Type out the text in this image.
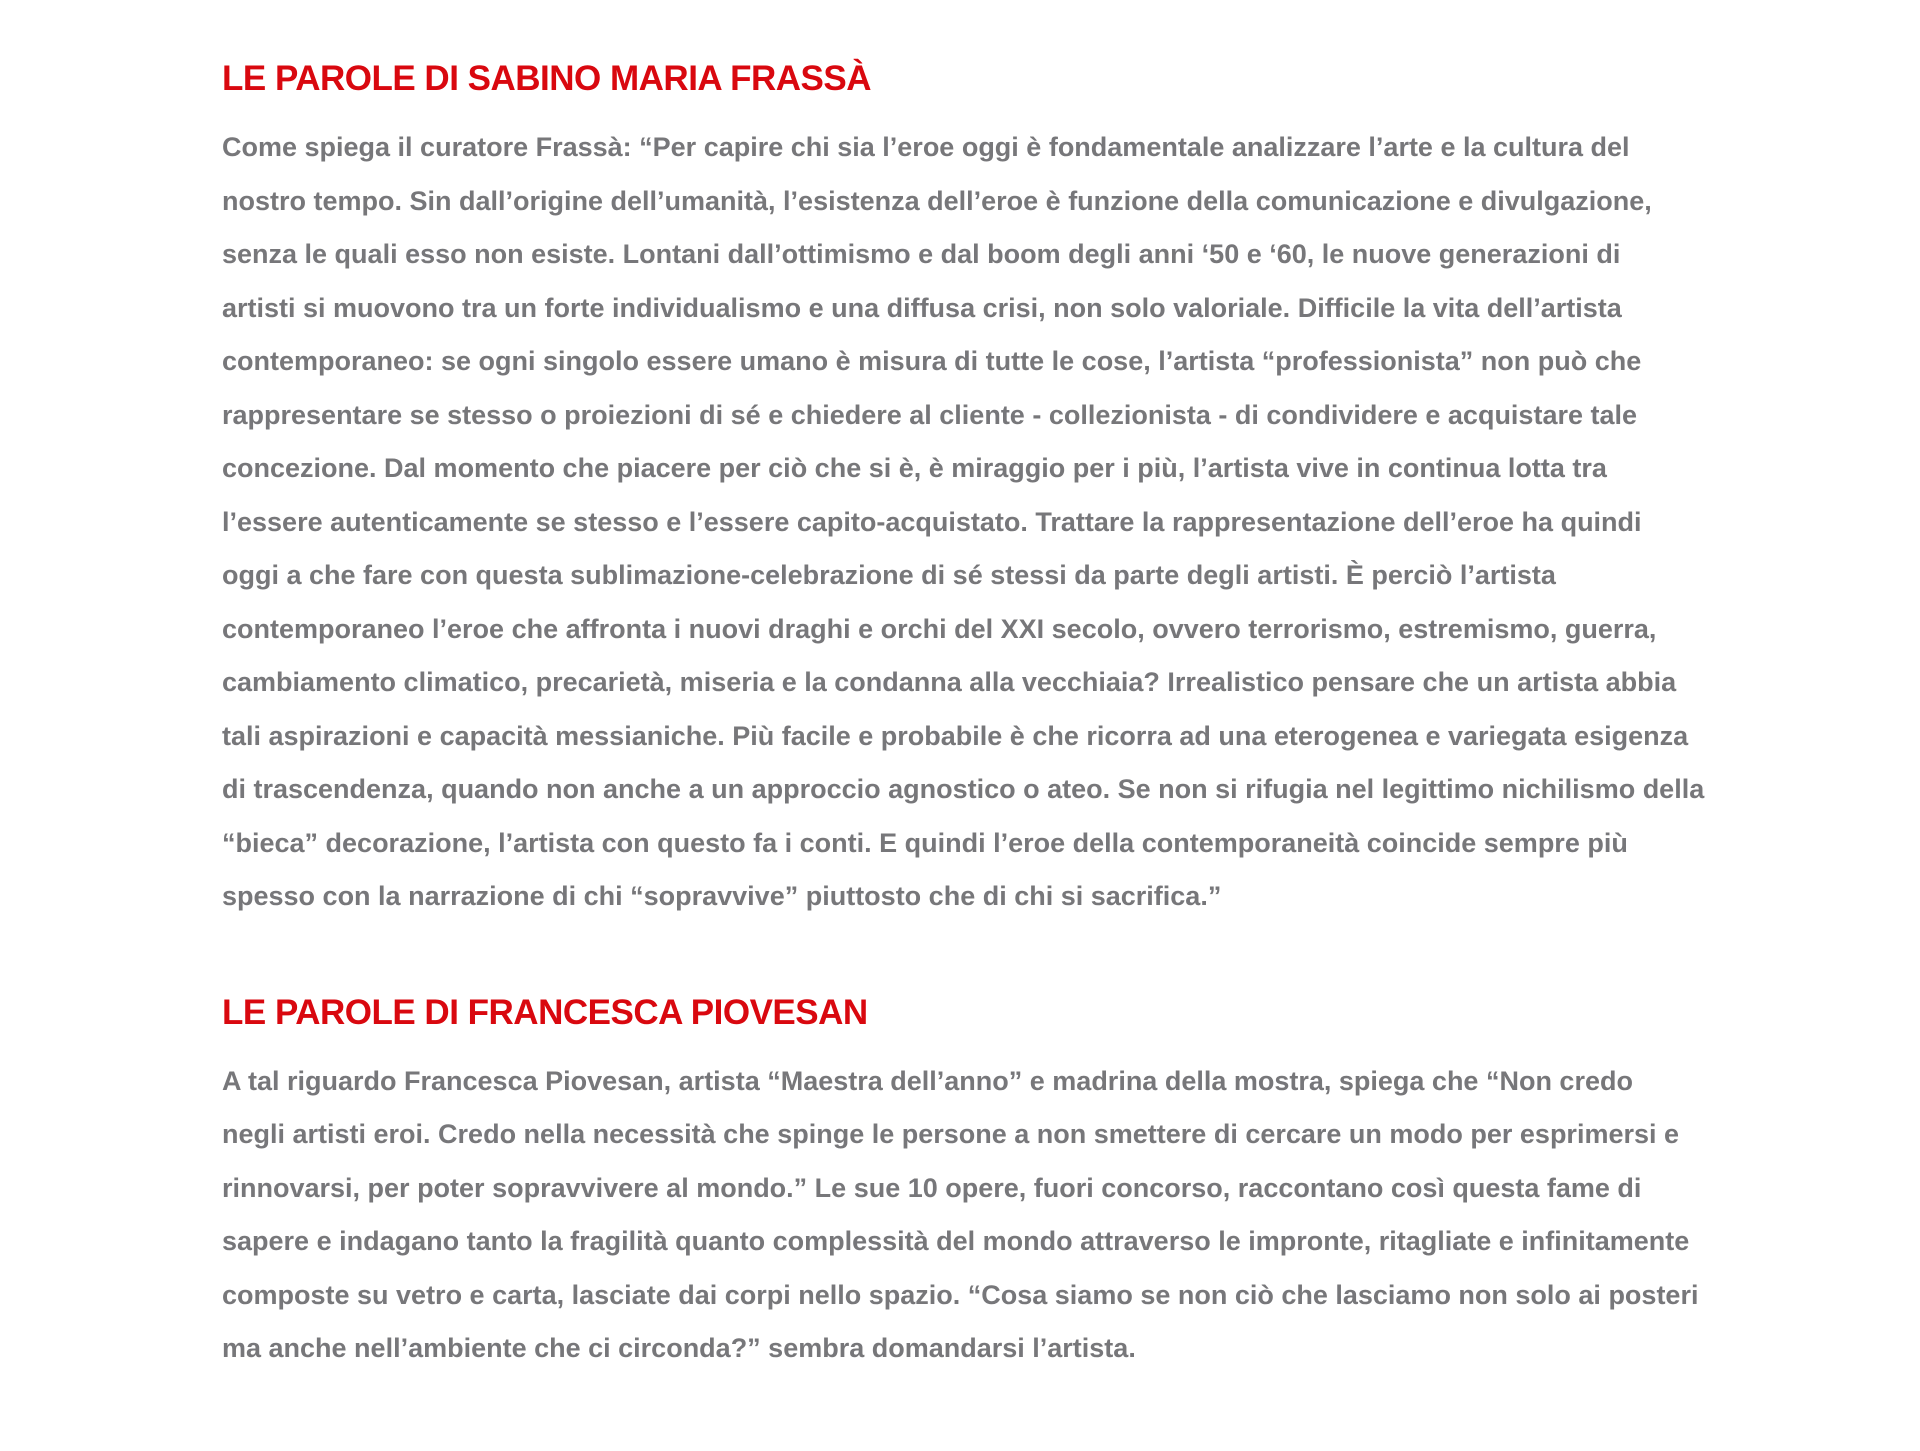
LE PAROLE DI SABINO MARIA FRASSÀ

Come spiega il curatore Frassà: “Per capire chi sia l’eroe oggi è fondamentale analizzare l’arte e la cultura del

nostro tempo. Sin dall’origine dell’umanità, l’esistenza dell’eroe è funzione della comunicazione e divulgazione,

senza le quali esso non esiste. Lontani dall’ottimismo e dal boom degli anni ‘50 e ‘60, le nuove generazioni di

artisti si muovono tra un forte individualismo e una diffusa crisi, non solo valoriale. Difficile la vita dell’artista

contemporaneo: se ogni singolo essere umano è misura di tutte le cose, l’artista “professionista” non può che

rappresentare se stesso o proiezioni di sé e chiedere al cliente - collezionista - di condividere e acquistare tale

concezione. Dal momento che piacere per ciò che si è, è miraggio per i più, l’artista vive in continua lotta tra

l’essere autenticamente se stesso e l’essere capito-acquistato. Trattare la rappresentazione dell’eroe ha quindi

oggi a che fare con questa sublimazione-celebrazione di sé stessi da parte degli artisti. È perciò l’artista

contemporaneo l’eroe che affronta i nuovi draghi e orchi del XXI secolo, ovvero terrorismo, estremismo, guerra,

cambiamento climatico, precarietà, miseria e la condanna alla vecchiaia? Irrealistico pensare che un artista abbia

tali aspirazioni e capacità messianiche. Più facile e probabile è che ricorra ad una eterogenea e variegata esigenza

di trascendenza, quando non anche a un approccio agnostico o ateo. Se non si rifugia nel legittimo nichilismo della

“bieca” decorazione, l’artista con questo fa i conti. E quindi l’eroe della contemporaneità coincide sempre più

spesso con la narrazione di chi “sopravvive” piuttosto che di chi si sacrifica.”

LE PAROLE DI FRANCESCA PIOVESAN

A tal riguardo Francesca Piovesan, artista “Maestra dell’anno” e madrina della mostra, spiega che “Non credo

negli artisti eroi. Credo nella necessità che spinge le persone a non smettere di cercare un modo per esprimersi e

rinnovarsi, per poter sopravvivere al mondo.” Le sue 10 opere, fuori concorso, raccontano così questa fame di

sapere e indagano tanto la fragilità quanto complessità del mondo attraverso le impronte, ritagliate e infinitamente

composte su vetro e carta, lasciate dai corpi nello spazio. “Cosa siamo se non ciò che lasciamo non solo ai posteri

ma anche nell’ambiente che ci circonda?” sembra domandarsi l’artista.
